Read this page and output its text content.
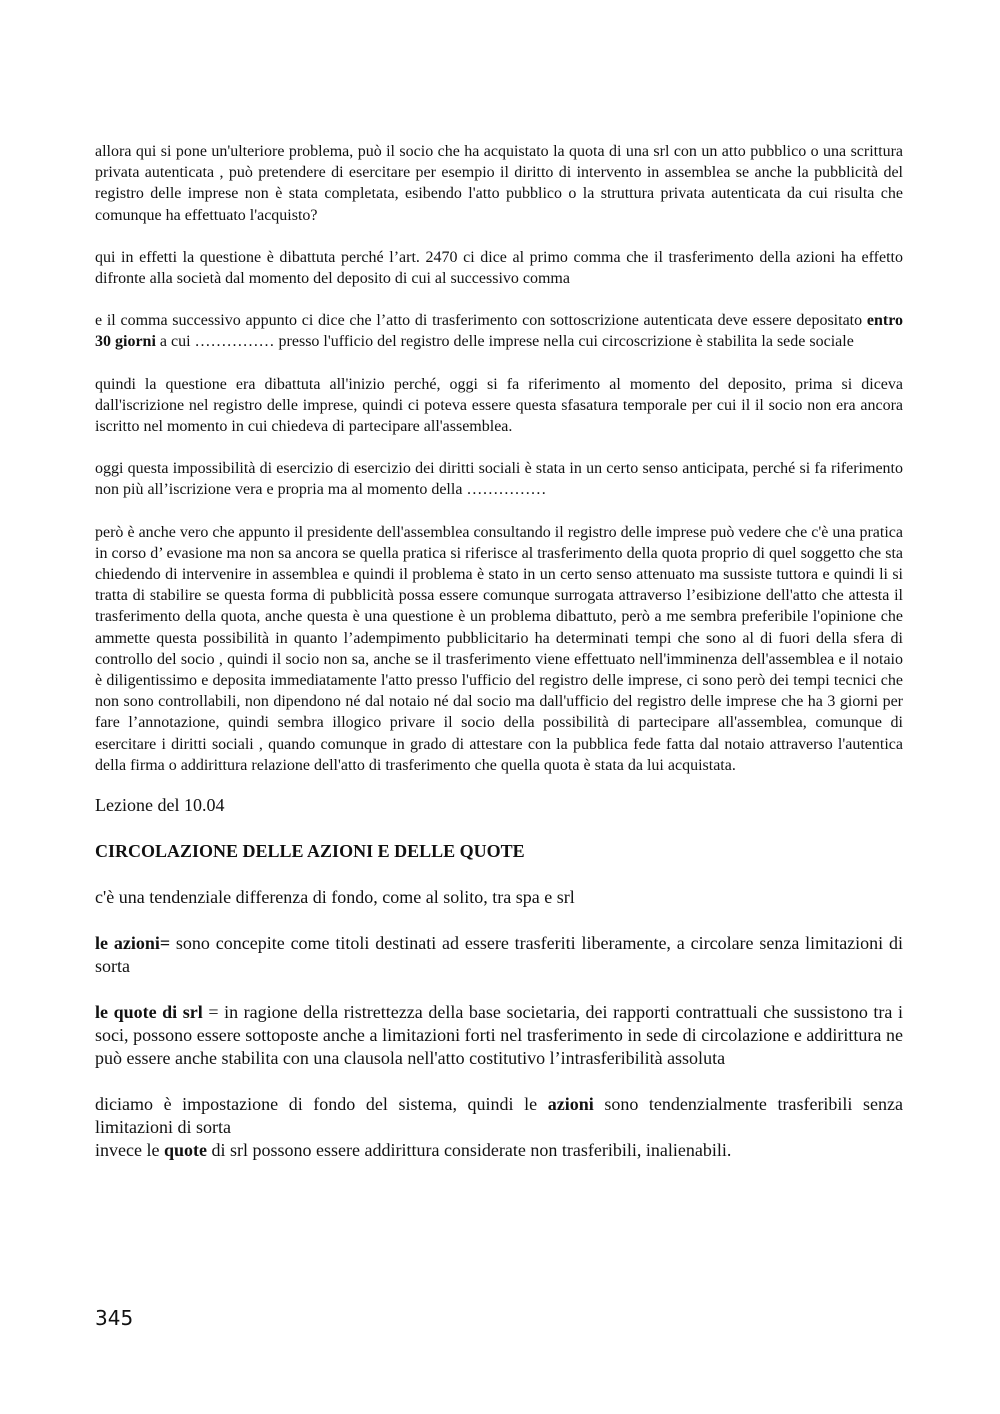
allora qui si pone un'ulteriore problema, può il socio che ha acquistato la quota di una srl con un atto pubblico o una scrittura privata autenticata , può pretendere di esercitare per esempio il diritto di intervento in assemblea se anche la pubblicità del registro delle imprese non è stata completata, esibendo l'atto pubblico o la struttura privata autenticata da cui risulta che comunque ha effettuato l'acquisto?

qui in effetti la questione è dibattuta perché l’art. 2470 ci dice al primo comma che il trasferimento della azioni ha effetto difronte alla società dal momento del deposito di cui al successivo comma

e il comma successivo appunto ci dice che l’atto di trasferimento con sottoscrizione autenticata deve essere depositato entro 30 giorni a cui …………… presso l'ufficio del registro delle imprese nella cui circoscrizione è stabilita la sede sociale

quindi la questione era dibattuta all'inizio perché, oggi si fa riferimento al momento del deposito, prima si diceva dall'iscrizione nel registro delle imprese, quindi ci poteva essere questa sfasatura temporale per cui il il socio non era ancora iscritto nel momento in cui chiedeva di partecipare all'assemblea.

oggi questa impossibilità di esercizio di esercizio dei diritti sociali è stata in un certo senso anticipata, perché si fa riferimento non più all’iscrizione vera e propria ma al momento della ……………

però è anche vero che appunto il presidente dell'assemblea consultando il registro delle imprese può vedere che c'è una pratica in corso d’ evasione ma non sa ancora se quella pratica si riferisce al trasferimento della quota proprio di quel soggetto che sta chiedendo di intervenire in assemblea e quindi il problema è stato in un certo senso attenuato ma sussiste tuttora e quindi li si tratta di stabilire se questa forma di pubblicità possa essere comunque surrogata attraverso l’esibizione dell'atto che attesta il trasferimento della quota, anche questa è una questione è un problema dibattuto, però a me sembra preferibile l'opinione che ammette questa possibilità in quanto l’adempimento pubblicitario ha determinati tempi che sono al di fuori della sfera di controllo del socio , quindi il socio non sa, anche se il trasferimento viene effettuato nell'imminenza dell'assemblea e il notaio è diligentissimo e deposita immediatamente l'atto presso l'ufficio del registro delle imprese, ci sono però dei tempi tecnici che non sono controllabili, non dipendono né dal notaio né dal socio ma dall'ufficio del registro delle imprese che ha 3 giorni per fare l’annotazione, quindi sembra illogico privare il socio della possibilità di partecipare all'assemblea, comunque di esercitare i diritti sociali , quando comunque in grado di attestare con la pubblica fede fatta dal notaio attraverso l'autentica della firma o addirittura relazione dell'atto di trasferimento che quella quota è stata da lui acquistata.

Lezione del 10.04
CIRCOLAZIONE DELLE AZIONI E DELLE QUOTE

c'è una tendenziale differenza di fondo, come al solito, tra spa e srl

le azioni= sono concepite come titoli destinati ad essere trasferiti liberamente, a circolare senza limitazioni di sorta

le quote di srl = in ragione della ristrettezza della base societaria, dei rapporti contrattuali che sussistono tra i soci, possono essere sottoposte anche a limitazioni forti nel trasferimento in sede di circolazione e addirittura ne può essere anche stabilita con una clausola nell'atto costitutivo l’intrasferibilità assoluta

diciamo è impostazione di fondo del sistema, quindi le azioni sono tendenzialmente trasferibili senza limitazioni di sorta

invece le quote di srl possono essere addirittura considerate non trasferibili, inalienabili.

345
